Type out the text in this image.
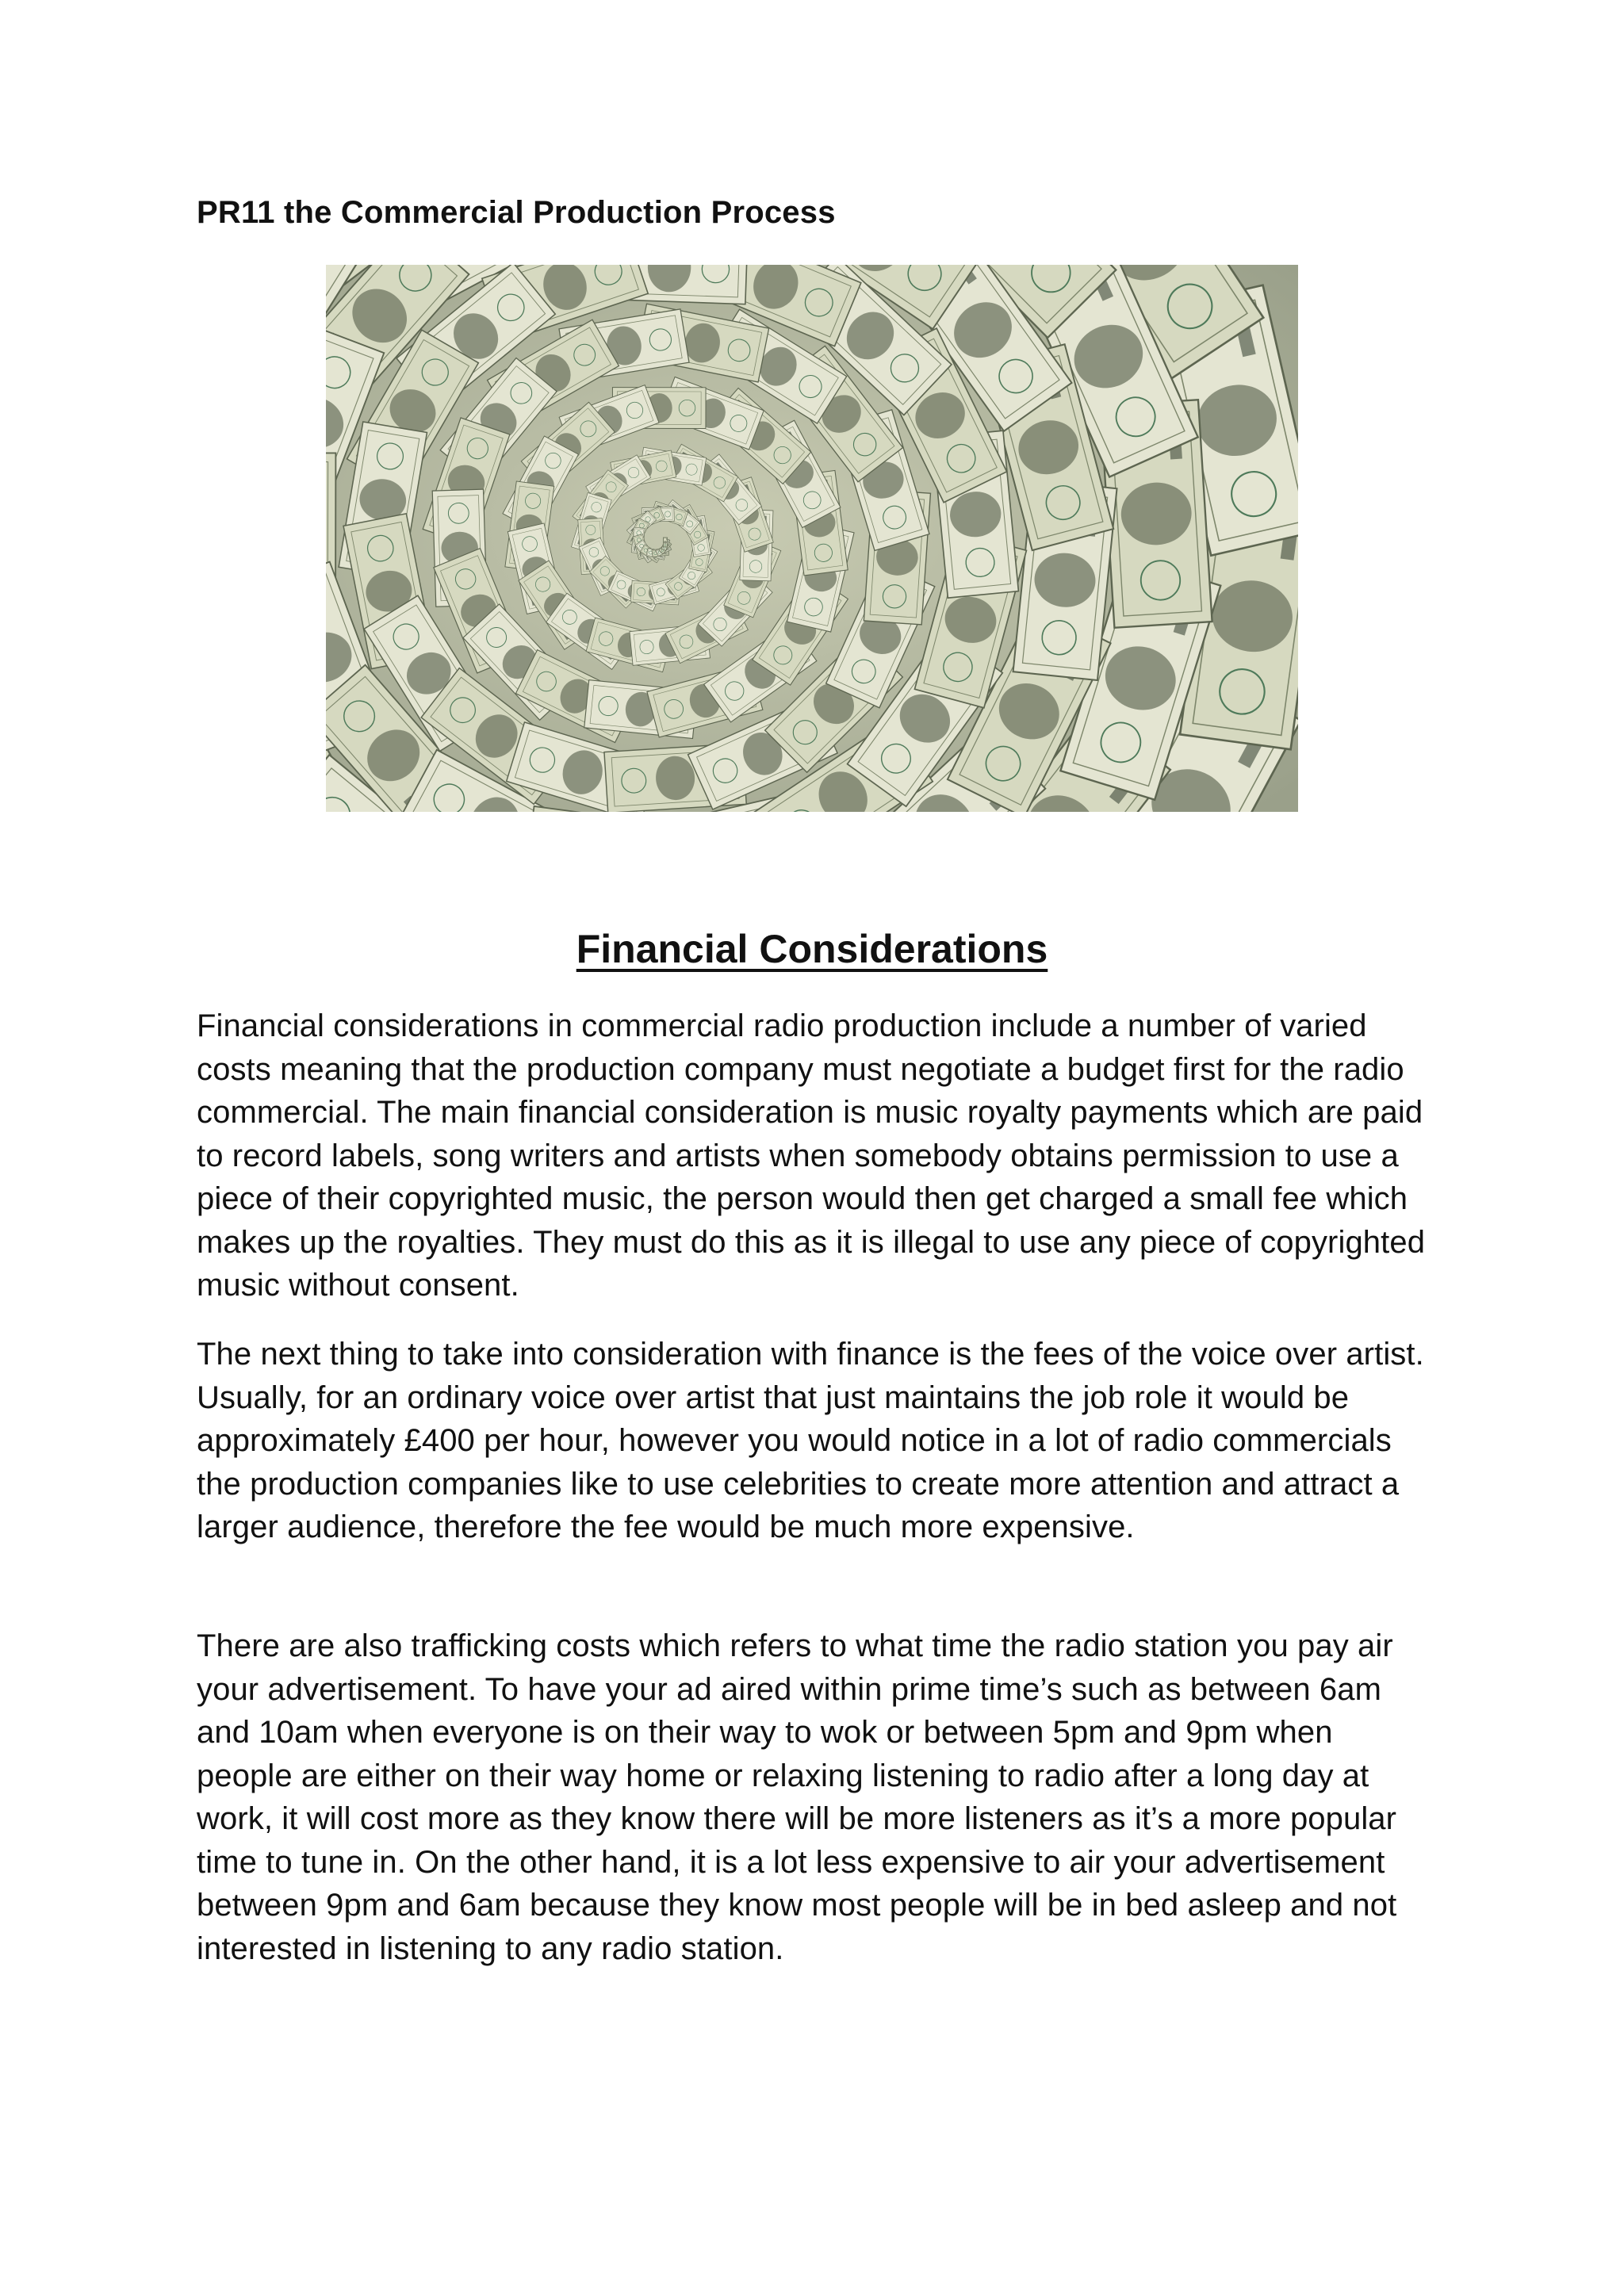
PR11 the Commercial Production Process
Financial Considerations

Financial considerations in commercial radio production include a number of varied costs meaning that the production company must negotiate a budget first for the radio commercial. The main financial consideration is music royalty payments which are paid to record labels, song writers and artists when somebody obtains permission to use a piece of their copyrighted music, the person would then get charged a small fee which makes up the royalties. They must do this as it is illegal to use any piece of copyrighted music without consent.

The next thing to take into consideration with finance is the fees of the voice over artist. Usually, for an ordinary voice over artist that just maintains the job role it would be approximately £400 per hour, however you would notice in a lot of radio commercials the production companies like to use celebrities to create more attention and attract a larger audience, therefore the fee would be much more expensive.

There are also trafficking costs which refers to what time the radio station you pay air your advertisement. To have your ad aired within prime time’s such as between 6am and 10am when everyone is on their way to wok or between 5pm and 9pm when people are either on their way home or relaxing listening to radio after a long day at work, it will cost more as they know there will be more listeners as it’s a more popular time to tune in. On the other hand, it is a lot less expensive to air your advertisement between 9pm and 6am because they know most people will be in bed asleep and not interested in listening to any radio station.
